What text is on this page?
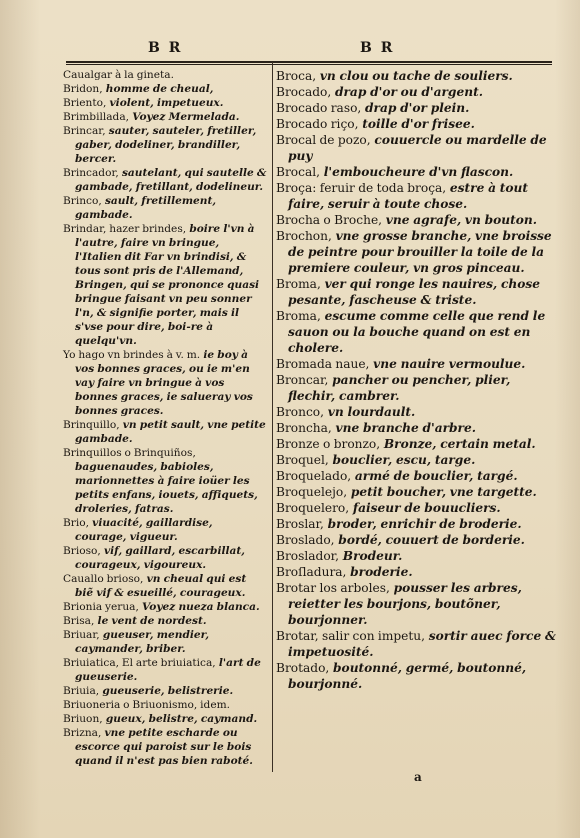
B R	B R

Caualgar à la gineta.

Bridon, homme de cheual,

Briento, violent, impetueux.

Brimbillada, Voyez Mermelada.

Brincar, sauter, sauteler, fretiller, gaber, dodeliner, brandiller, bercer.

Brincador, sautelant, qui sautelle & gambade, fretillant, dodelineur.

Brinco, sault, fretillement, gambade.

Brindar, hazer brindes, boire l'vn à l'autre, faire vn bringue, l'Italien dit Far vn brindisi, & tous sont pris de l'Allemand, Bringen, qui se prononce quasi bringue faisant vn peu sonner l'n, & signifie porter, mais il s'vse pour dire, boi-re à quelqu'vn.

Yo hago vn brindes à v. m. ie boy à vos bonnes graces, ou ie m'en vay faire vn bringue à vos bonnes graces, ie salueray vos bonnes graces.

Brinquillo, vn petit sault, vne petite gambade.

Brinquillos o Brinquiños, baguenaudes, babioles, marionnettes à faire ioüer les petits enfans, iouets, affiquets, droleries, fatras.

Brio, viuacité, gaillardise, courage, vigueur.

Brioso, vif, gaillard, escarbillat, courageux, vigoureux.

Cauallo brioso, vn cheual qui est biẽ vif & esueillé, courageux.

Brionia yerua, Voyez nueza blanca.

Brisa, le vent de nordest.

Briuar, gueuser, mendier, caymander, briber.

Briuiatica, El arte briuiatica, l'art de gueuserie.

Briuia, gueuserie, belistrerie.

Briuoneria o Briuonismo, idem.

Briuon, gueux, belistre, caymand.

Brizna, vne petite escharde ou escorce qui paroist sur le bois quand il n'est pas bien raboté.

Broca, vn clou ou tache de souliers.

Brocado, drap d'or ou d'argent.

Brocado raso, drap d'or plein.

Brocado riço, toille d'or frisee.

Brocal de pozo, couuercle ou mardelle de puy

Brocal, l'emboucheure d'vn flascon.

Broça: feruir de toda broça, estre à tout faire, seruir à toute chose.

Brocha o Broche, vne agrafe, vn bouton.

Brochon, vne grosse branche, vne broisse de peintre pour brouiller la toile de la premiere couleur, vn gros pinceau.

Broma, ver qui ronge les nauires, chose pesante, fascheuse & triste.

Broma, escume comme celle que rend le sauon ou la bouche quand on est en cholere.

Bromada naue, vne nauire vermoulue.

Broncar, pancher ou pencher, plier, flechir, cambrer.

Bronco, vn lourdault.

Broncha, vne branche d'arbre.

Bronze o bronzo, Bronze, certain metal.

Broquel, bouclier, escu, targe.

Broquelado, armé de bouclier, targé.

Broquelejo, petit boucher, vne targette.

Broquelero, faiseur de bouucliers.

Broslar, broder, enrichir de broderie.

Broslado, bordé, couuert de borderie.

Broslador, Brodeur.

Broſladura, broderie.

Brotar los arboles, pousser les arbres, reietter les bourjons, boutõner, bourjonner.

Brotar, salir con impetu, sortir auec force & impetuosité.

Brotado, boutonné, germé, boutonné, bourjonné.

a
